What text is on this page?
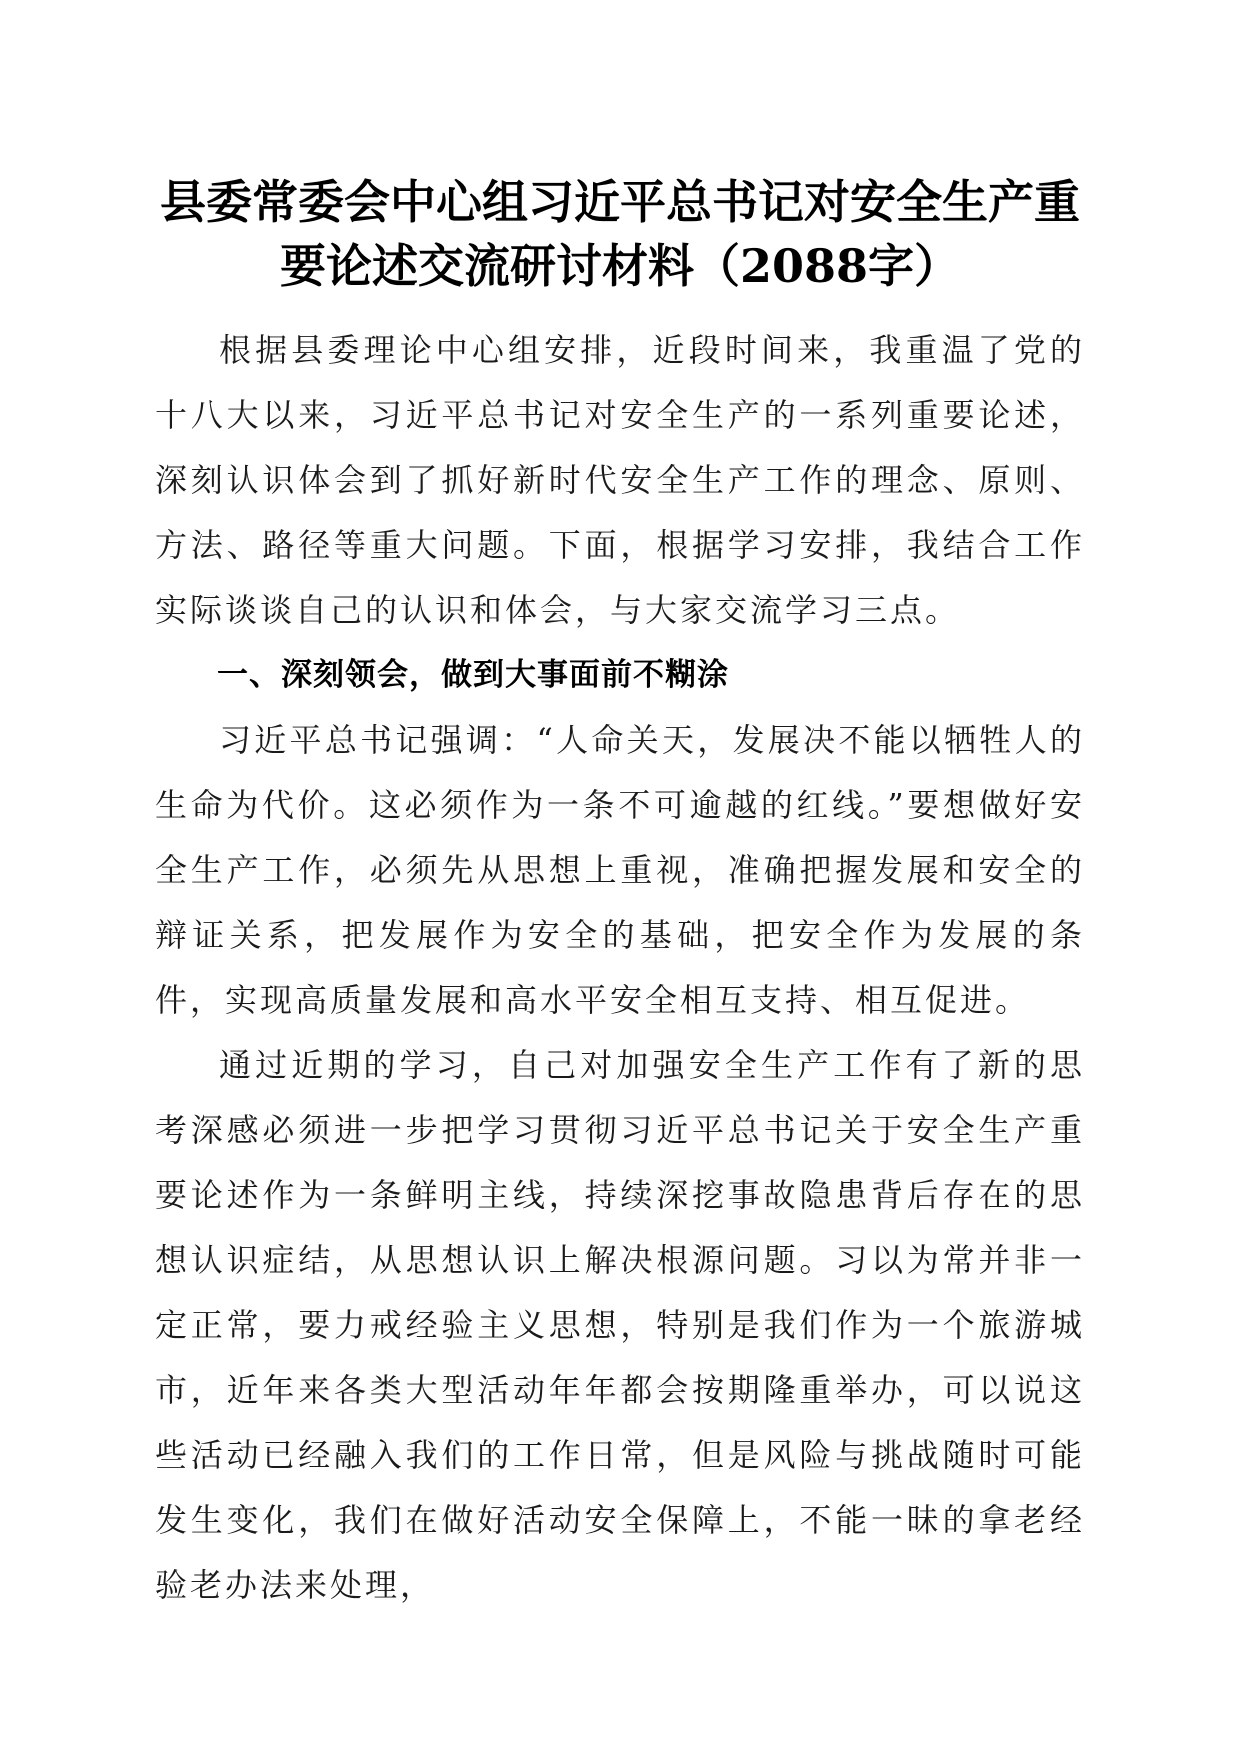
县委常委会中心组习近平总书记对安全生产重要论述交流研讨材料（2088字）

根据县委理论中心组安排，近段时间来，我重温了党的十八大以来，习近平总书记对安全生产的一系列重要论述，深刻认识体会到了抓好新时代安全生产工作的理念、原则、方法、路径等重大问题。下面，根据学习安排，我结合工作实际谈谈自己的认识和体会，与大家交流学习三点。

一、深刻领会，做到大事面前不糊涂

习近平总书记强调：“人命关天，发展决不能以牺牲人的生命为代价。这必须作为一条不可逾越的红线。”要想做好安全生产工作，必须先从思想上重视，准确把握发展和安全的辩证关系，把发展作为安全的基础，把安全作为发展的条件，实现高质量发展和高水平安全相互支持、相互促进。

通过近期的学习，自己对加强安全生产工作有了新的思考深感必须进一步把学习贯彻习近平总书记关于安全生产重要论述作为一条鲜明主线，持续深挖事故隐患背后存在的思想认识症结，从思想认识上解决根源问题。习以为常并非一定正常，要力戒经验主义思想，特别是我们作为一个旅游城市，近年来各类大型活动年年都会按期隆重举办，可以说这些活动已经融入我们的工作日常，但是风险与挑战随时可能发生变化，我们在做好活动安全保障上，不能一昧的拿老经验老办法来处理，
